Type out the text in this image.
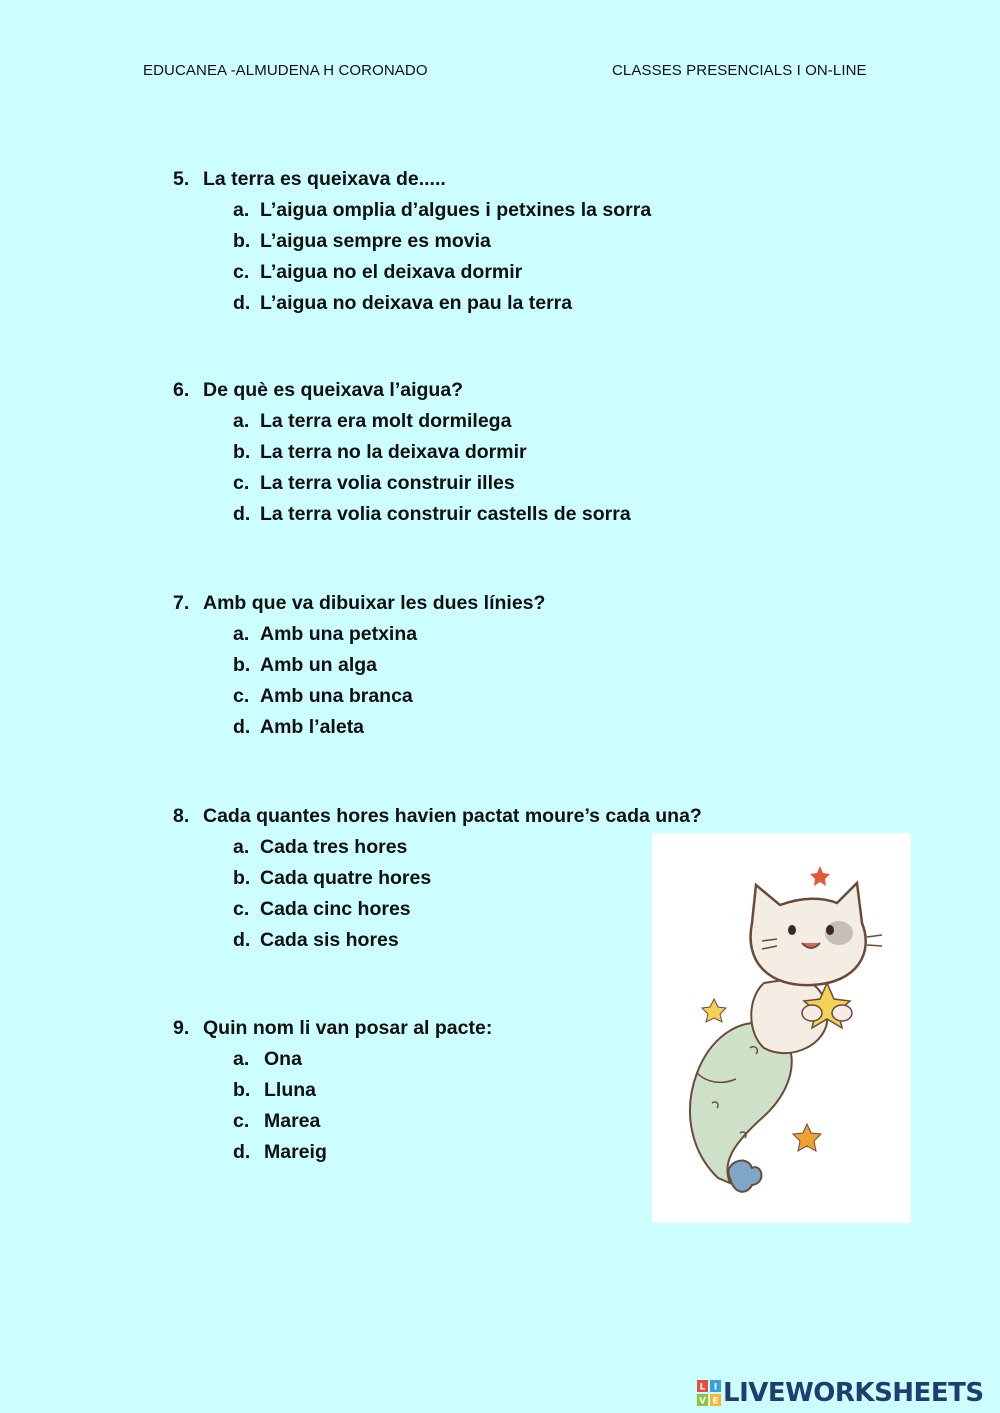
EDUCANEA -ALMUDENA H CORONADO	CLASSES PRESENCIALS I ON-LINE
5. La terra es queixava de.....
a. L’aigua omplia d’algues i petxines la sorra
b. L’aigua sempre es movia
c. L’aigua no el deixava dormir
d. L’aigua no deixava en pau la terra
6. De què es queixava l’aigua?
a. La terra era molt dormilega
b. La terra no la deixava dormir
c. La terra volia construir illes
d. La terra volia construir castells de sorra
7. Amb que va dibuixar les dues línies?
a. Amb una petxina
b. Amb un alga
c. Amb una branca
d. Amb l’aleta
8. Cada quantes hores havien pactat moure’s cada una?
a. Cada tres hores
b. Cada quatre hores
c. Cada cinc hores
d. Cada sis hores
9. Quin nom li van posar al pacte:
a. Ona
b. Lluna
c. Marea
d. Mareig
L I
V E LIVEWORKSHEETS
